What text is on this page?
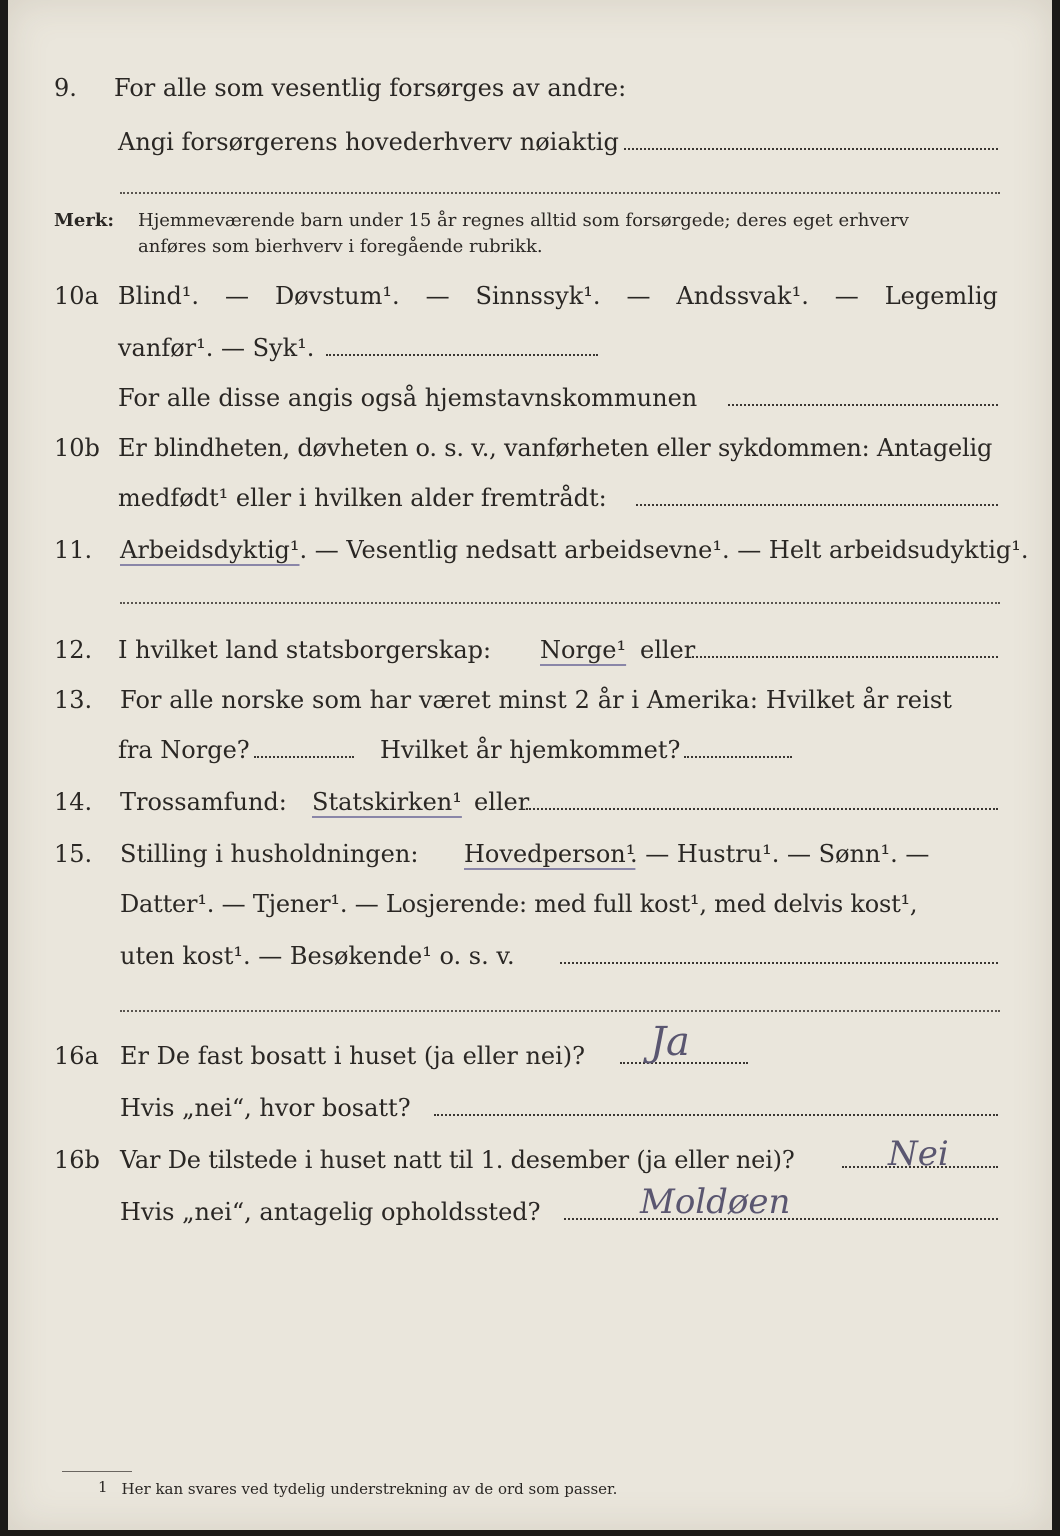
9. For alle som vesentlig forsørges av andre:
Angi forsørgerens hovederhverv nøiaktig
Merk: Hjemmeværende barn under 15 år regnes alltid som forsørgede; deres eget erhverv
anføres som bierhverv i foregående rubrikk.
10a Blind¹. — Døvstum¹. — Sinnssyk¹. — Andssvak¹. — Legemlig
vanfør¹. — Syk¹.
For alle disse angis også hjemstavnskommunen
10b Er blindheten, døvheten o. s. v., vanførheten eller sykdommen: Antagelig
medfødt¹ eller i hvilken alder fremtrådt:
11. Arbeidsdyktig¹. — Vesentlig nedsatt arbeidsevne¹. — Helt arbeidsudyktig¹.
12. I hvilket land statsborgerskap: Norge¹ eller
13. For alle norske som har været minst 2 år i Amerika: Hvilket år reist
fra Norge?	Hvilket år hjemkommet?
14. Trossamfund: Statskirken¹ eller
15. Stilling i husholdningen: Hovedperson¹
. — Hustru¹. — Sønn¹. —
Datter¹. — Tjener¹. — Losjerende: med full kost¹, med delvis kost¹,
uten kost¹. — Besøkende¹ o. s. v.
16a Er De fast bosatt i huset (ja eller nei)? Ja
Hvis „nei“, hvor bosatt?
16b Var De tilstede i huset natt til 1. desember (ja eller nei)?	Nei
Hvis „nei“, antagelig opholdssted?	Moldøen
1 Her kan svares ved tydelig understrekning av de ord som passer.
